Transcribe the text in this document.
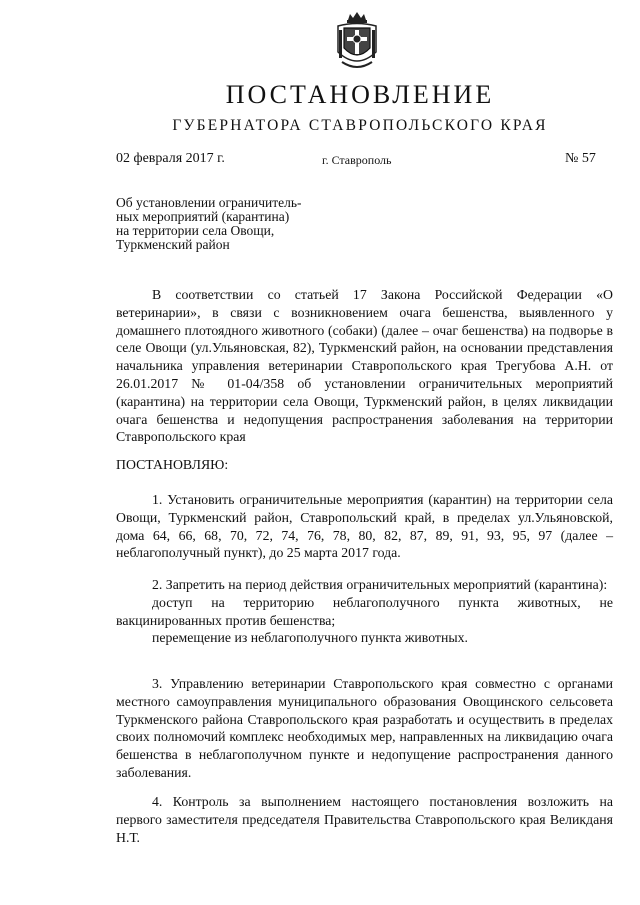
ПОСТАНОВЛЕНИЕ
ГУБЕРНАТОРА СТАВРОПОЛЬСКОГО КРАЯ
02 февраля 2017 г.	г. Ставрополь	№ 57
Об установлении ограничитель-
ных мероприятий (карантина)
на территории села Овощи,
Туркменский район

В соответствии со статьей 17 Закона Российской Федерации «О ветеринарии», в связи с возникновением очага бешенства, выявленного у домашнего плотоядного животного (собаки) (далее – очаг бешенства) на подворье в селе Овощи (ул.Ульяновская, 82), Туркменский район, на основании представления начальника управления ветеринарии Ставропольского края Трегубова А.Н. от 26.01.2017 № 01-04/358 об установлении ограничительных мероприятий (карантина) на территории села Овощи, Туркменский район, в целях ликвидации очага бешенства и недопущения распространения заболевания на территории Ставропольского края

ПОСТАНОВЛЯЮ:

1. Установить ограничительные мероприятия (карантин) на территории села Овощи, Туркменский район, Ставропольский край, в пределах ул.Ульяновской, дома 64, 66, 68, 70, 72, 74, 76, 78, 80, 82, 87, 89, 91, 93, 95, 97 (далее – неблагополучный пункт), до 25 марта 2017 года.

2. Запретить на период действия ограничительных мероприятий (карантина):

доступ на территорию неблагополучного пункта животных, не вакцинированных против бешенства;

перемещение из неблагополучного пункта животных.

3. Управлению ветеринарии Ставропольского края совместно с органами местного самоуправления муниципального образования Овощинского сельсовета Туркменского района Ставропольского края разработать и осуществить в пределах своих полномочий комплекс необходимых мер, направленных на ликвидацию очага бешенства в неблагополучном пункте и недопущение распространения данного заболевания.

4. Контроль за выполнением настоящего постановления возложить на первого заместителя председателя Правительства Ставропольского края Великданя Н.Т.
